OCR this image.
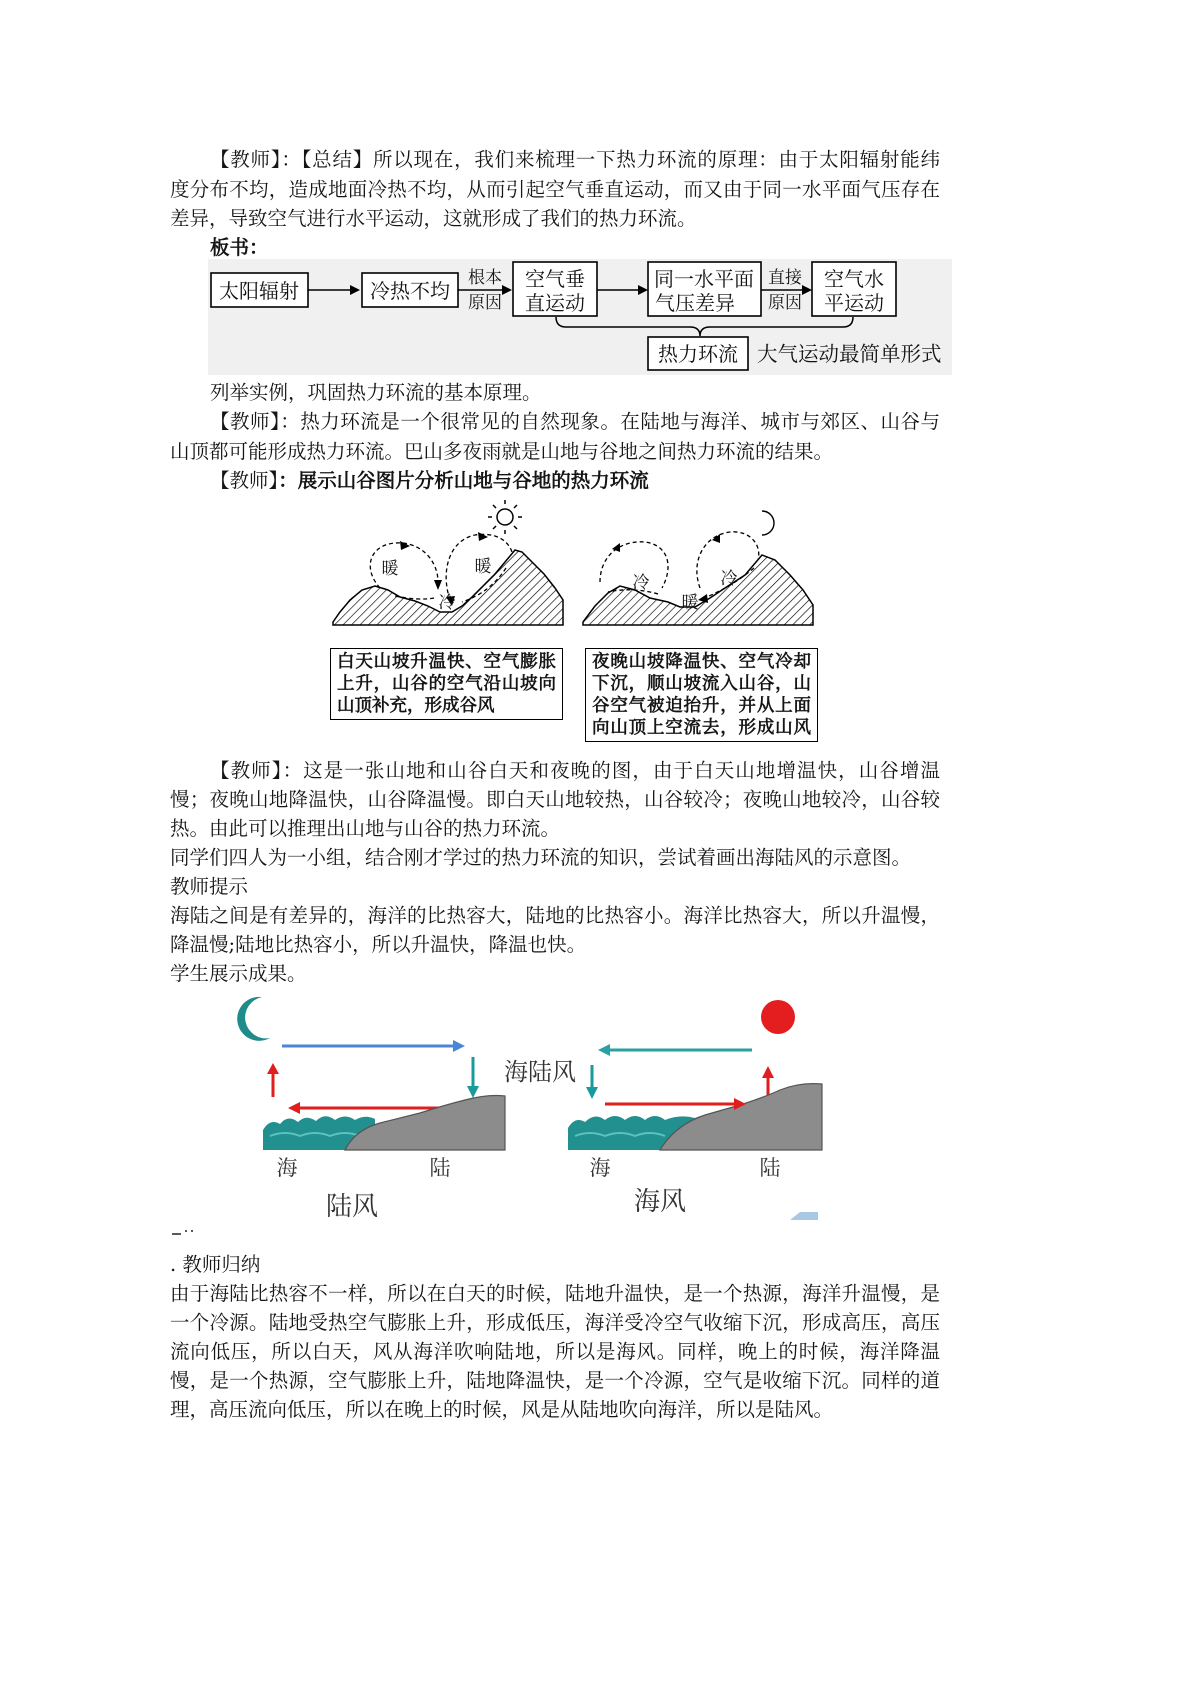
【教师】：【总结】所以现在，我们来梳理一下热力环流的原理：由于太阳辐射能纬
度分布不均，造成地面冷热不均，从而引起空气垂直运动，而又由于同一水平面气压存在
差异，导致空气进行水平运动，这就形成了我们的热力环流。
板书：
太阳辐射	冷热不均
根本
原因
空气垂
直运动
同一水平面
气压差异
直接
原因
空气水
平运动
热力环流 大气运动最简单形式
列举实例，巩固热力环流的基本原理。
【教师】：热力环流是一个很常见的自然现象。在陆地与海洋、城市与郊区、山谷与
山顶都可能形成热力环流。巴山多夜雨就是山地与谷地之间热力环流的结果。
【教师】：展示山谷图片分析山地与谷地的热力环流
暖	暖
冷
冷	冷
暖
白天山坡升温快、空气膨胀
上升，山谷的空气沿山坡向
山顶补充，形成谷风
夜晚山坡降温快、空气冷却
下沉，顺山坡流入山谷，山
谷空气被迫抬升，并从上面
向山顶上空流去，形成山风
【教师】：这是一张山地和山谷白天和夜晚的图，由于白天山地增温快，山谷增温
慢；夜晚山地降温快，山谷降温慢。即白天山地较热，山谷较冷；夜晚山地较冷，山谷较
热。由此可以推理出山地与山谷的热力环流。
同学们四人为一小组，结合刚才学过的热力环流的知识，尝试着画出海陆风的示意图。
教师提示
海陆之间是有差异的，海洋的比热容大，陆地的比热容小。海洋比热容大，所以升温慢，
降温慢;陆地比热容小，所以升温快，降温也快。
学生展示成果。
海	陆
陆风
海陆风
海	陆
海风
. 教师归纳
由于海陆比热容不一样，所以在白天的时候，陆地升温快，是一个热源，海洋升温慢，是
一个冷源。陆地受热空气膨胀上升，形成低压，海洋受冷空气收缩下沉，形成高压，高压
流向低压，所以白天，风从海洋吹响陆地，所以是海风。同样，晚上的时候，海洋降温
慢，是一个热源，空气膨胀上升，陆地降温快，是一个冷源，空气是收缩下沉。同样的道
理，高压流向低压，所以在晚上的时候，风是从陆地吹向海洋，所以是陆风。
